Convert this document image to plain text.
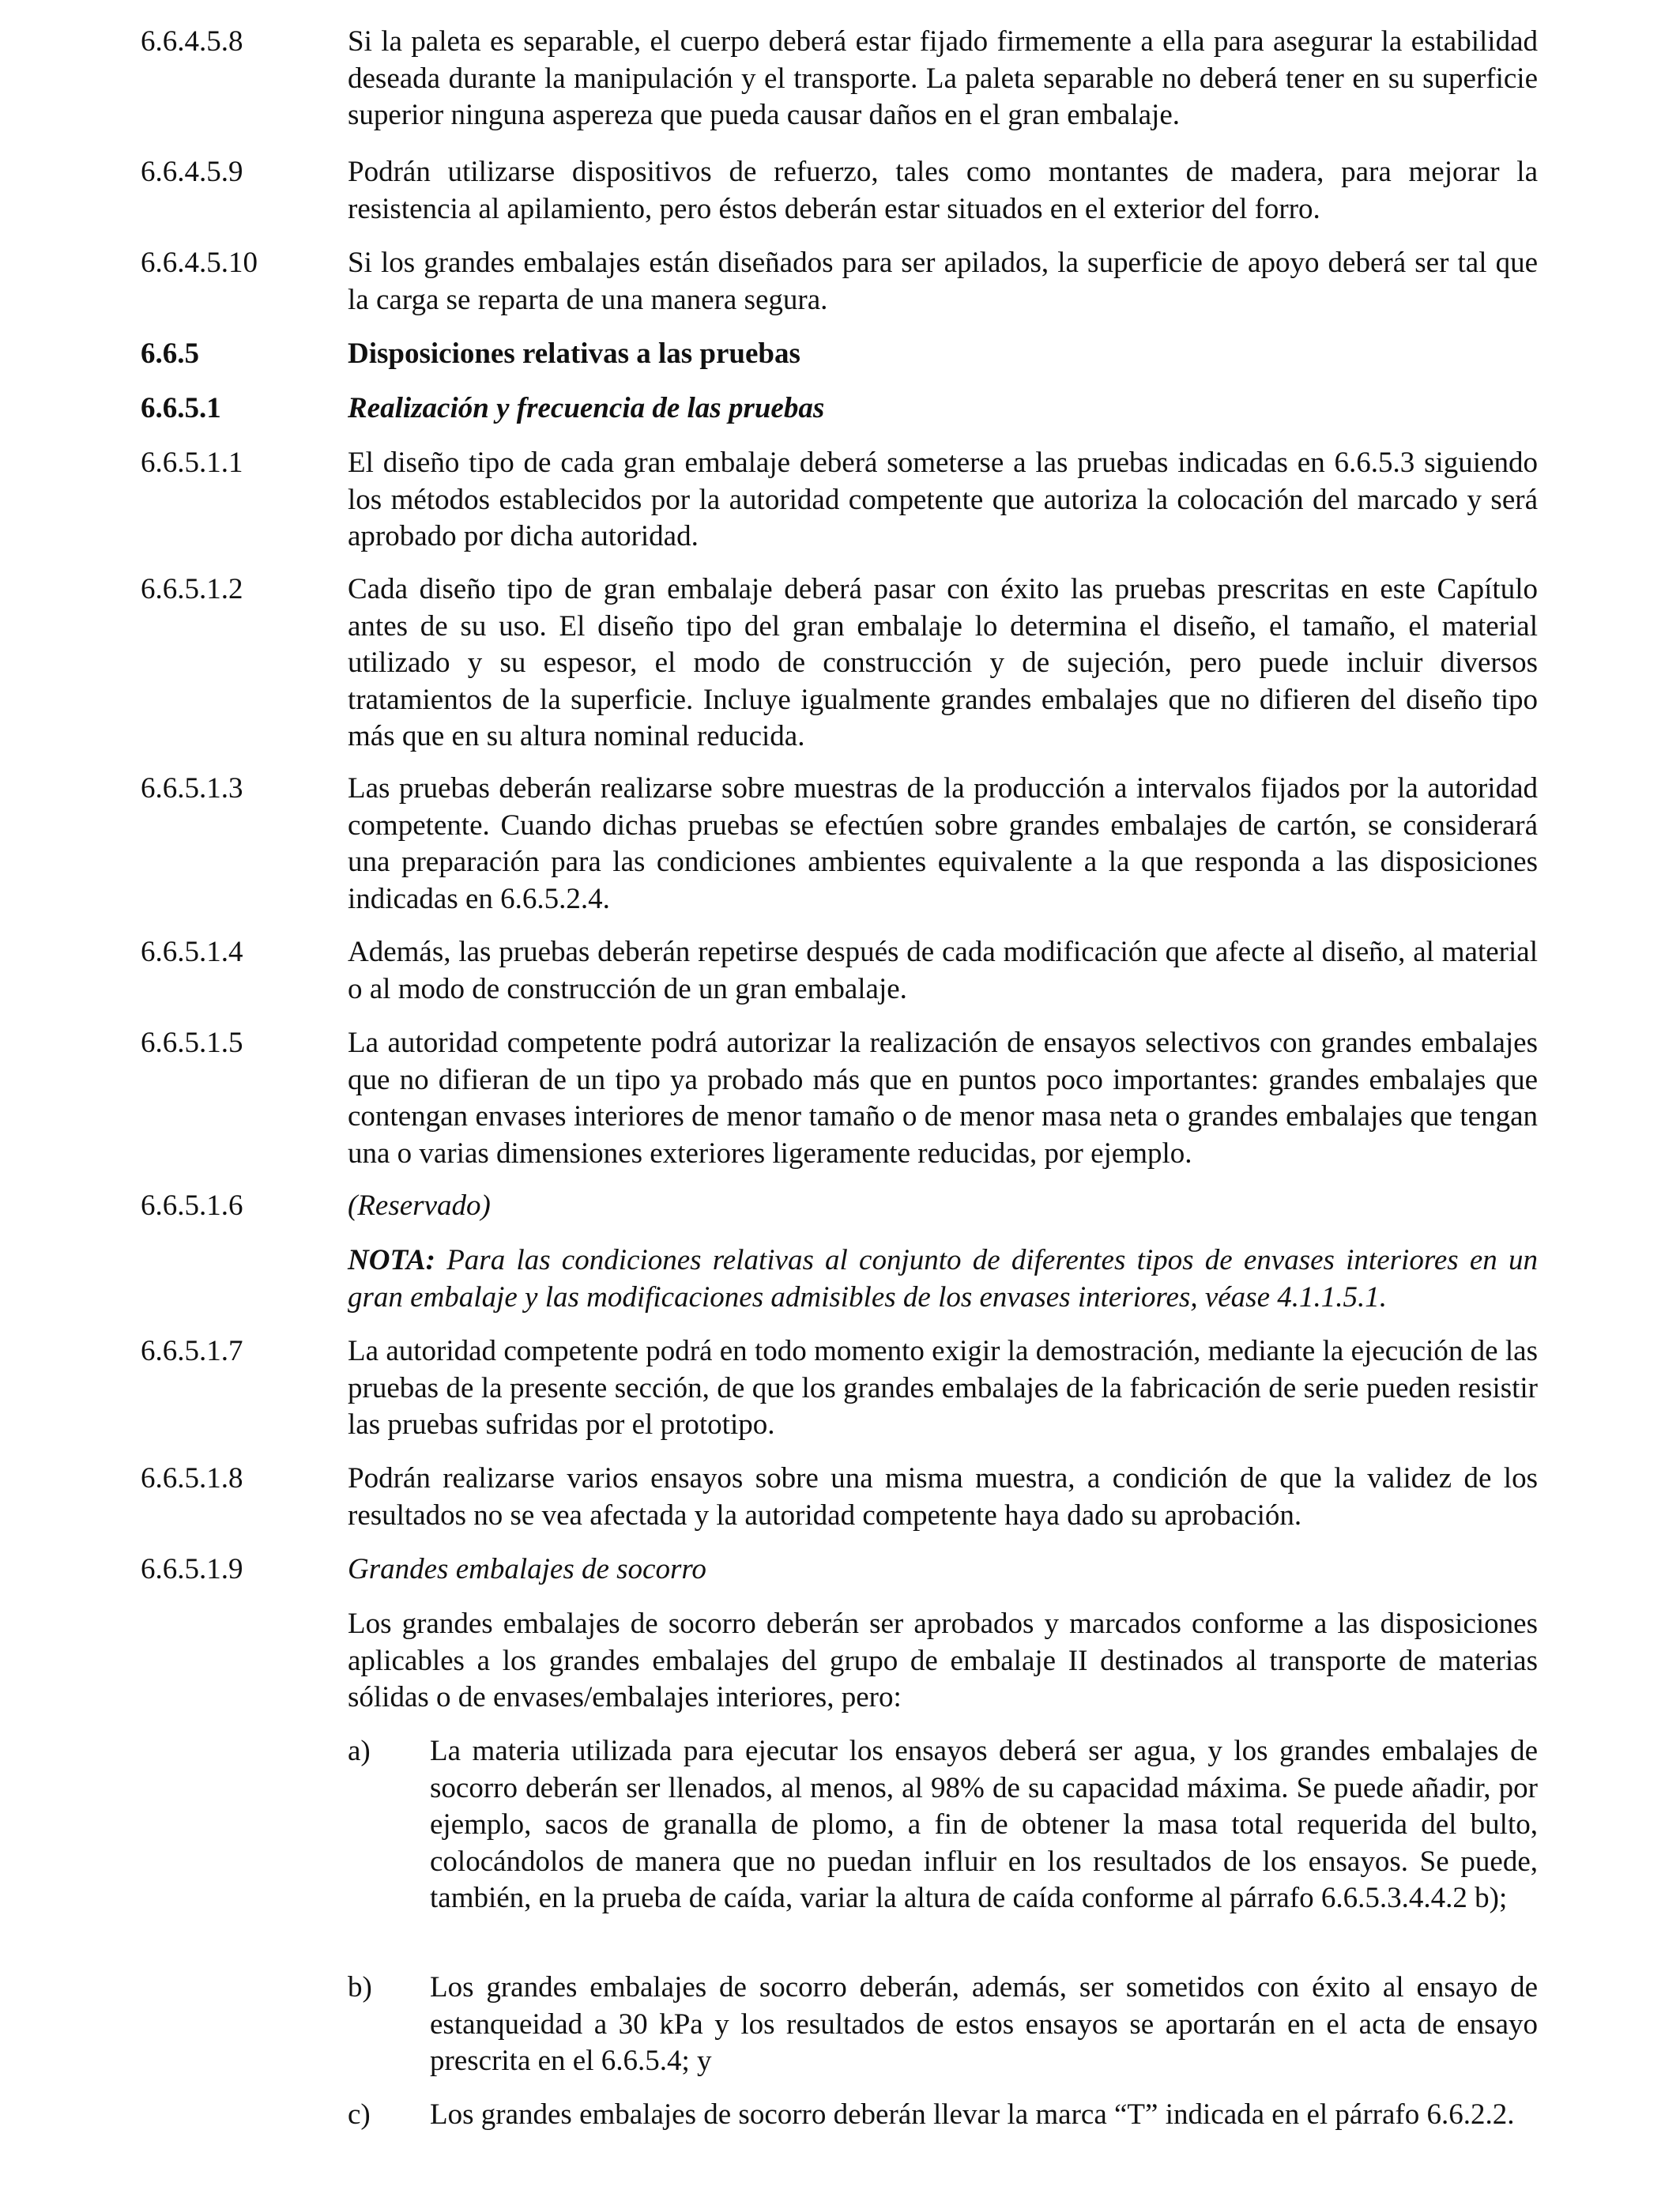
6.6.4.5.8	Si la paleta es separable, el cuerpo deberá estar fijado firmemente a ella para asegurar la estabilidad deseada durante la manipulación y el transporte. La paleta separable no deberá tener en su superficie superior ninguna aspereza que pueda causar daños en el gran embalaje.
6.6.4.5.9	Podrán utilizarse dispositivos de refuerzo, tales como montantes de madera, para mejorar la resistencia al apilamiento, pero éstos deberán estar situados en el exterior del forro.
6.6.4.5.10	Si los grandes embalajes están diseñados para ser apilados, la superficie de apoyo deberá ser tal que la carga se reparta de una manera segura.
6.6.5	Disposiciones relativas a las pruebas
6.6.5.1	Realización y frecuencia de las pruebas
6.6.5.1.1	El diseño tipo de cada gran embalaje deberá someterse a las pruebas indicadas en 6.6.5.3 siguiendo los métodos establecidos por la autoridad competente que autoriza la colocación del marcado y será aprobado por dicha autoridad.
6.6.5.1.2	Cada diseño tipo de gran embalaje deberá pasar con éxito las pruebas prescritas en este Capítulo antes de su uso. El diseño tipo del gran embalaje lo determina el diseño, el tamaño, el material utilizado y su espesor, el modo de construcción y de sujeción, pero puede incluir diversos tratamientos de la superficie. Incluye igualmente grandes embalajes que no difieren del diseño tipo más que en su altura nominal reducida.
6.6.5.1.3	Las pruebas deberán realizarse sobre muestras de la producción a intervalos fijados por la autoridad competente. Cuando dichas pruebas se efectúen sobre grandes embalajes de cartón, se considerará una preparación para las condiciones ambientes equivalente a la que responda a las disposiciones indicadas en 6.6.5.2.4.
6.6.5.1.4	Además, las pruebas deberán repetirse después de cada modificación que afecte al diseño, al material o al modo de construcción de un gran embalaje.
6.6.5.1.5	La autoridad competente podrá autorizar la realización de ensayos selectivos con grandes embalajes que no difieran de un tipo ya probado más que en puntos poco importantes: grandes embalajes que contengan envases interiores de menor tamaño o de menor masa neta o grandes embalajes que tengan una o varias dimensiones exteriores ligeramente reducidas, por ejemplo.
6.6.5.1.6	(Reservado)
NOTA: Para las condiciones relativas al conjunto de diferentes tipos de envases interiores en un gran embalaje y las modificaciones admisibles de los envases interiores, véase 4.1.1.5.1.
6.6.5.1.7	La autoridad competente podrá en todo momento exigir la demostración, mediante la ejecución de las pruebas de la presente sección, de que los grandes embalajes de la fabricación de serie pueden resistir las pruebas sufridas por el prototipo.
6.6.5.1.8	Podrán realizarse varios ensayos sobre una misma muestra, a condición de que la validez de los resultados no se vea afectada y la autoridad competente haya dado su aprobación.
6.6.5.1.9	Grandes embalajes de socorro
Los grandes embalajes de socorro deberán ser aprobados y marcados conforme a las disposiciones aplicables a los grandes embalajes del grupo de embalaje II destinados al transporte de materias sólidas o de envases/embalajes interiores, pero:
a)	La materia utilizada para ejecutar los ensayos deberá ser agua, y los grandes embalajes de socorro deberán ser llenados, al menos, al 98% de su capacidad máxima. Se puede añadir, por ejemplo, sacos de granalla de plomo, a fin de obtener la masa total requerida del bulto, colocándolos de manera que no puedan influir en los resultados de los ensayos. Se puede, también, en la prueba de caída, variar la altura de caída conforme al párrafo 6.6.5.3.4.4.2 b);
b)	Los grandes embalajes de socorro deberán, además, ser sometidos con éxito al ensayo de estanqueidad a 30 kPa y los resultados de estos ensayos se aportarán en el acta de ensayo prescrita en el 6.6.5.4; y
c)	Los grandes embalajes de socorro deberán llevar la marca “T” indicada en el párrafo 6.6.2.2.
